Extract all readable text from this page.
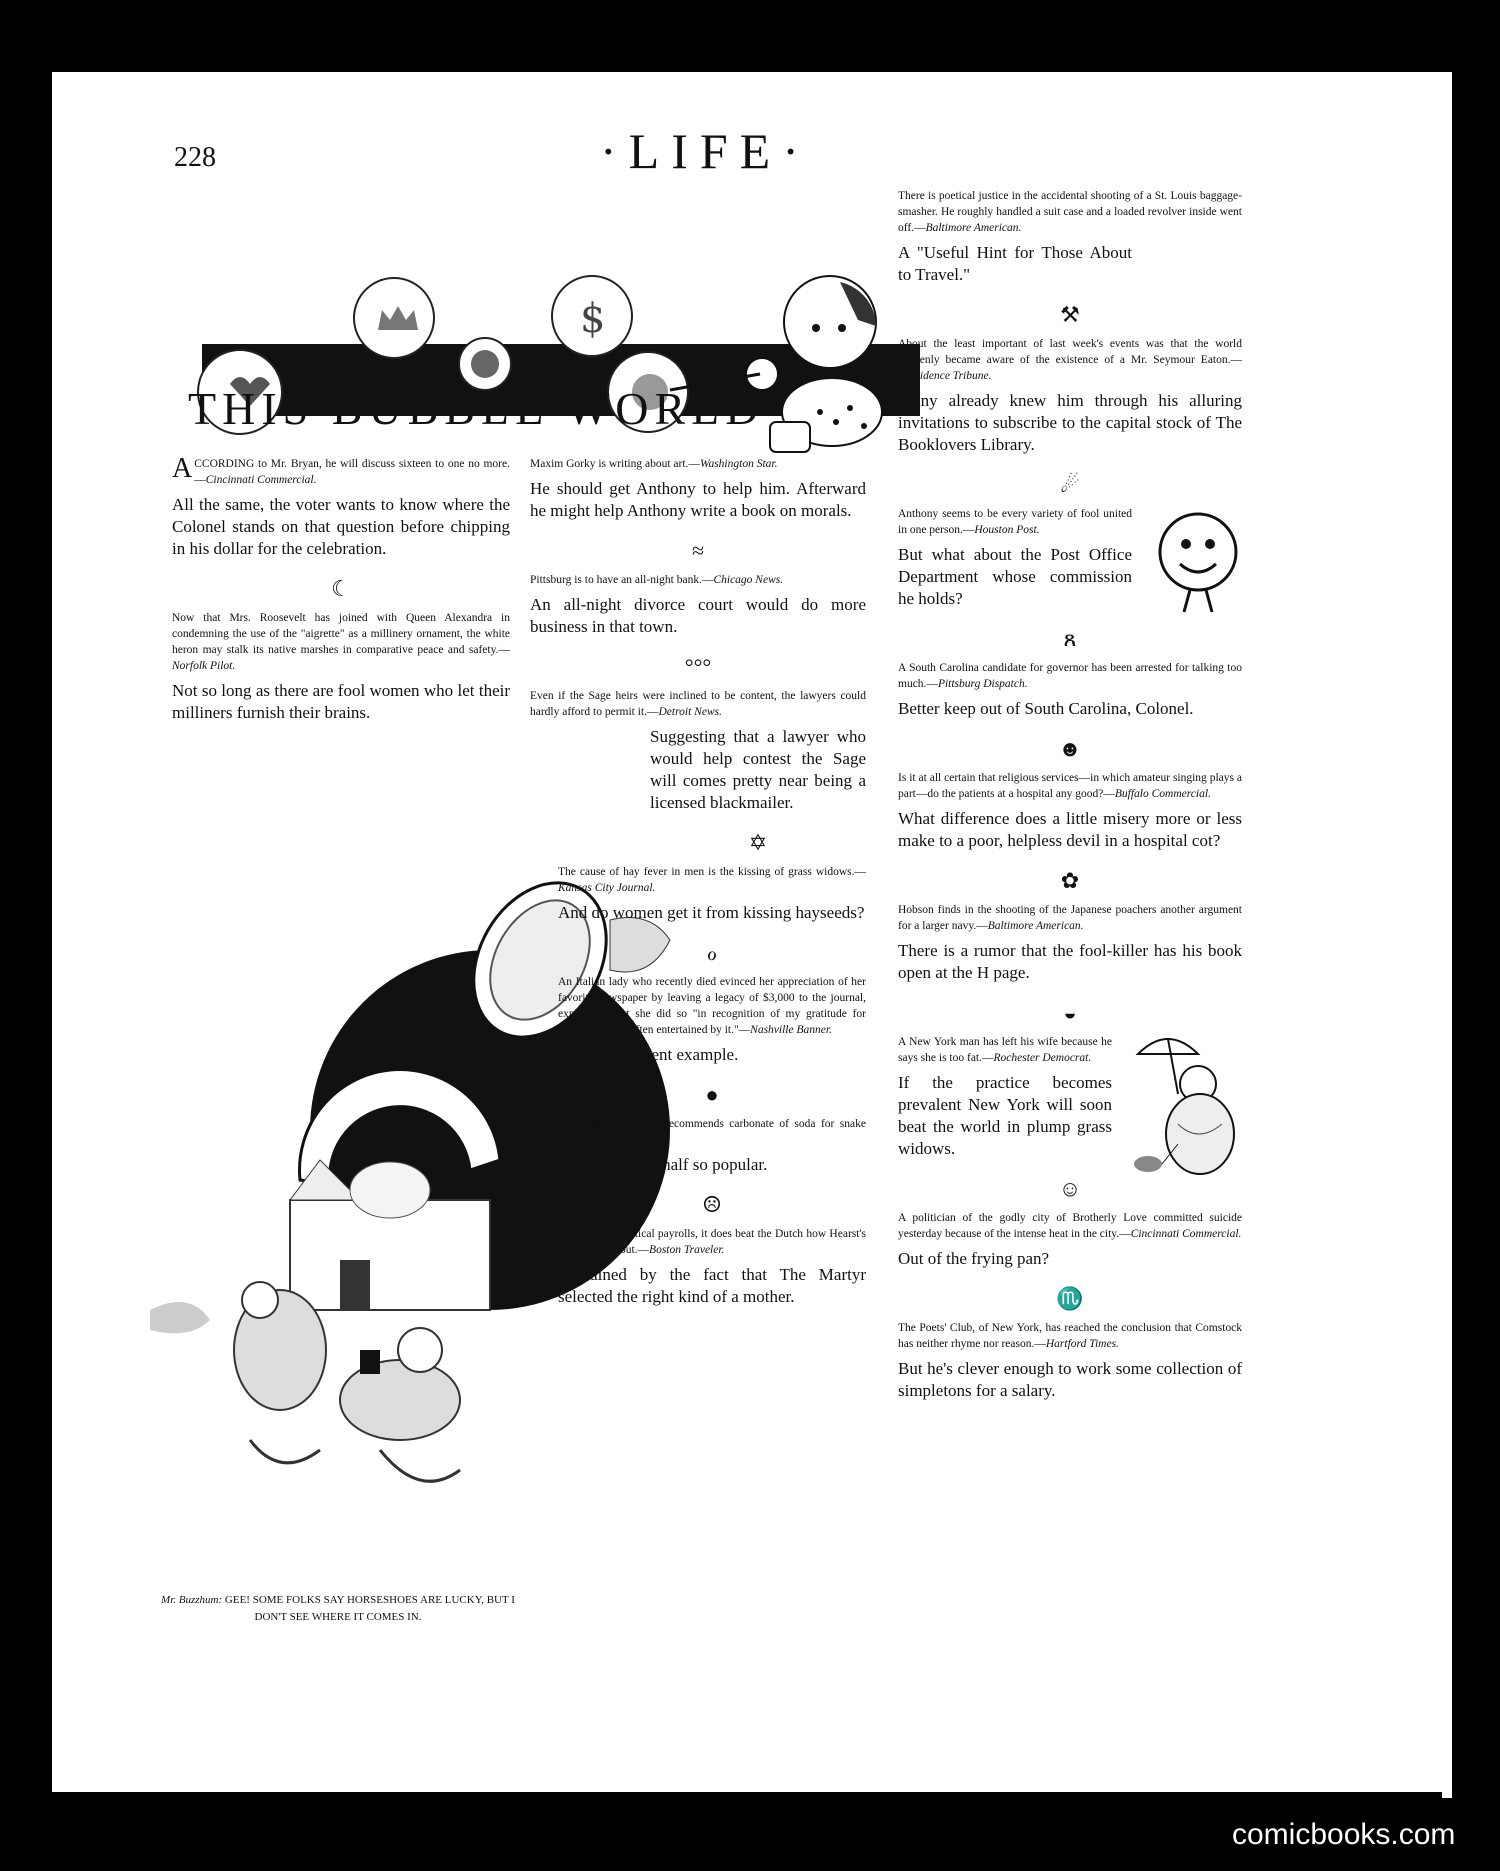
228	·LIFE·
$
THIS BUBBLE WORLD

ACCORDING to Mr. Bryan, he will discuss sixteen to one no more.—Cincinnati Commercial.

All the same, the voter wants to know where the Colonel stands on that question before chipping in his dollar for the celebration.

☾

Now that Mrs. Roosevelt has joined with Queen Alexandra in condemning the use of the "aigrette" as a millinery ornament, the white heron may stalk its native marshes in comparative peace and safety.—Norfolk Pilot.

Not so long as there are fool women who let their milliners furnish their brains.

Maxim Gorky is writing about art.—Washington Star.

He should get Anthony to help him. Afterward he might help Anthony write a book on morals.

≈

Pittsburg is to have an all-night bank.—Chicago News.

An all-night divorce court would do more business in that town.

°°°

Even if the Sage heirs were inclined to be content, the lawyers could hardly afford to permit it.—Detroit News.

Suggesting that a lawyer who would help contest the Sage will comes pretty near being a licensed blackmailer.

✡

The cause of hay fever in men is the kissing of grass widows.—Kansas City Journal.

And do women get it from kissing hayseeds?

ℴ

An Italian lady who recently died evinced her appreciation of her favorite newspaper by leaving a legacy of $3,000 to the journal, explaining that she did so "in recognition of my gratitude for having been so often entertained by it."—Nashville Banner.

A most excellent example.

●

A Philadelphia paper recommends carbonate of soda for snake bites.—Boston Herald.

But it won't be half so popular.

☹

Speaking of political payrolls, it does beat the Dutch how Hearst's money holds out.—Boston Traveler.

Explained by the fact that The Martyr selected the right kind of a mother.

Mr. Buzzhum: GEE! SOME FOLKS SAY HORSESHOES ARE LUCKY, BUT I DON'T SEE WHERE IT COMES IN.

There is poetical justice in the accidental shooting of a St. Louis baggage-smasher. He roughly handled a suit case and a loaded revolver inside went off.—Baltimore American.

A "Useful Hint for Those About to Travel."

⚒

About the least important of last week's events was that the world suddenly became aware of the existence of a Mr. Seymour Eaton.—Providence Tribune.

Many already knew him through his alluring invitations to subscribe to the capital stock of The Booklovers Library.

☄

Anthony seems to be every variety of fool united in one person.—Houston Post.

But what about the Post Office Department whose commission he holds?

ጸ

A South Carolina candidate for governor has been arrested for talking too much.—Pittsburg Dispatch.

Better keep out of South Carolina, Colonel.

☻

Is it at all certain that religious services—in which amateur singing plays a part—do the patients at a hospital any good?—Buffalo Commercial.

What difference does a little misery more or less make to a poor, helpless devil in a hospital cot?

✿

Hobson finds in the shooting of the Japanese poachers another argument for a larger navy.—Baltimore American.

There is a rumor that the fool-killer has his book open at the H page.

◒

A New York man has left his wife because he says she is too fat.—Rochester Democrat.

If the practice becomes prevalent New York will soon beat the world in plump grass widows.

☺

A politician of the godly city of Brotherly Love committed suicide yesterday because of the intense heat in the city.—Cincinnati Commercial.

Out of the frying pan?

♏

The Poets' Club, of New York, has reached the conclusion that Comstock has neither rhyme nor reason.—Hartford Times.

But he's clever enough to work some collection of simpletons for a salary.

comicbooks.com
